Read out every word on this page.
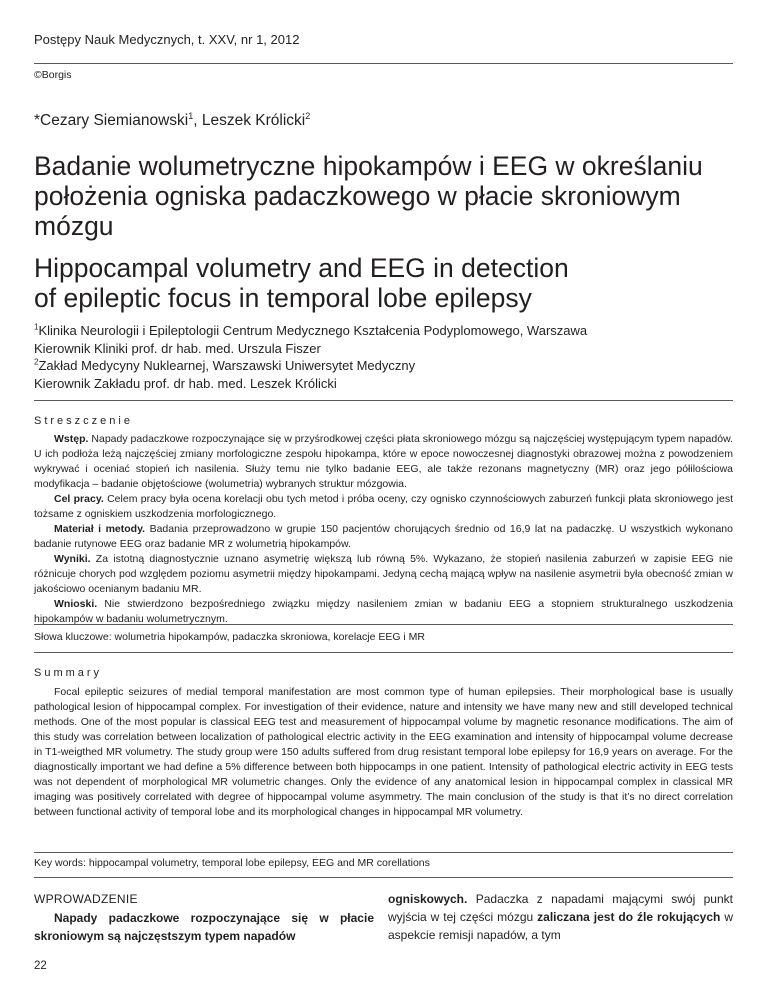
Postępy Nauk Medycznych, t. XXV, nr 1, 2012
©Borgis
*Cezary Siemianowski$^1$, Leszek Królicki$^2$
Badanie wolumetryczne hipokampów i EEG w określaniu
położenia ogniska padaczkowego w płacie skroniowym
mózgu
Hippocampal volumetry and EEG in detection
of epileptic focus in temporal lobe epilepsy
$^1$Klinika Neurologii i Epileptologii Centrum Medycznego Kształcenia Podyplomowego, Warszawa
Kierownik Kliniki prof. dr hab. med. Urszula Fiszer
$^2$Zakład Medycyny Nuklearnej, Warszawski Uniwersytet Medyczny
Kierownik Zakładu prof. dr hab. med. Leszek Królicki
Streszczenie

Wstęp. Napady padaczkowe rozpoczynające się w przyśrodkowej części płata skroniowego mózgu są najczęściej występującym typem napadów. U ich podłoża leżą najczęściej zmiany morfologiczne zespołu hipokampa, które w epoce nowoczesnej diagnostyki obrazowej można z powodzeniem wykrywać i oceniać stopień ich nasilenia. Służy temu nie tylko badanie EEG, ale także rezonans magnetyczny (MR) oraz jego półilościowa modyfikacja – badanie objętościowe (wolumetria) wybranych struktur mózgowia.

Cel pracy. Celem pracy była ocena korelacji obu tych metod i próba oceny, czy ognisko czynnościowych zaburzeń funkcji płata skroniowego jest tożsame z ogniskiem uszkodzenia morfologicznego.

Materiał i metody. Badania przeprowadzono w grupie 150 pacjentów chorujących średnio od 16,9 lat na padaczkę. U wszystkich wykonano badanie rutynowe EEG oraz badanie MR z wolumetrią hipokampów.

Wyniki. Za istotną diagnostycznie uznano asymetrię większą lub równą 5%. Wykazano, że stopień nasilenia zaburzeń w zapisie EEG nie różnicuje chorych pod względem poziomu asymetrii między hipokampami. Jedyną cechą mającą wpływ na nasilenie asymetrii była obecność zmian w jakościowo ocenianym badaniu MR.

Wnioski. Nie stwierdzono bezpośredniego związku między nasileniem zmian w badaniu EEG a stopniem strukturalnego uszkodzenia hipokampów w badaniu wolumetrycznym.

Słowa kluczowe: wolumetria hipokampów, padaczka skroniowa, korelacje EEG i MR
Summary

Focal epileptic seizures of medial temporal manifestation are most common type of human epilepsies. Their morphological base is usually pathological lesion of hippocampal complex. For investigation of their evidence, nature and intensity we have many new and still developed technical methods. One of the most popular is classical EEG test and measurement of hippocampal volume by magnetic resonance modifications. The aim of this study was correlation between localization of pathological electric activity in the EEG examination and intensity of hippocampal volume decrease in T1-weigthed MR volumetry. The study group were 150 adults suffered from drug resistant temporal lobe epilepsy for 16,9 years on average. For the diagnostically important we had define a 5% difference between both hippocamps in one patient. Intensity of pathological electric activity in EEG tests was not dependent of morphological MR volumetric changes. Only the evidence of any anatomical lesion in hippocampal complex in classical MR imaging was positively correlated with degree of hippocampal volume asymmetry. The main conclusion of the study is that it’s no direct correlation between functional activity of temporal lobe and its morphological changes in hippocampal MR volumetry.

Key words: hippocampal volumetry, temporal lobe epilepsy, EEG and MR corellations
WPROWADZENIE
Napady padaczkowe rozpoczynające się w płacie skroniowym są najczęstszym typem napadów
ogniskowych. Padaczka z napadami mającymi swój punkt wyjścia w tej części mózgu zaliczana jest do źle rokujących w aspekcie remisji napadów, a tym
22
